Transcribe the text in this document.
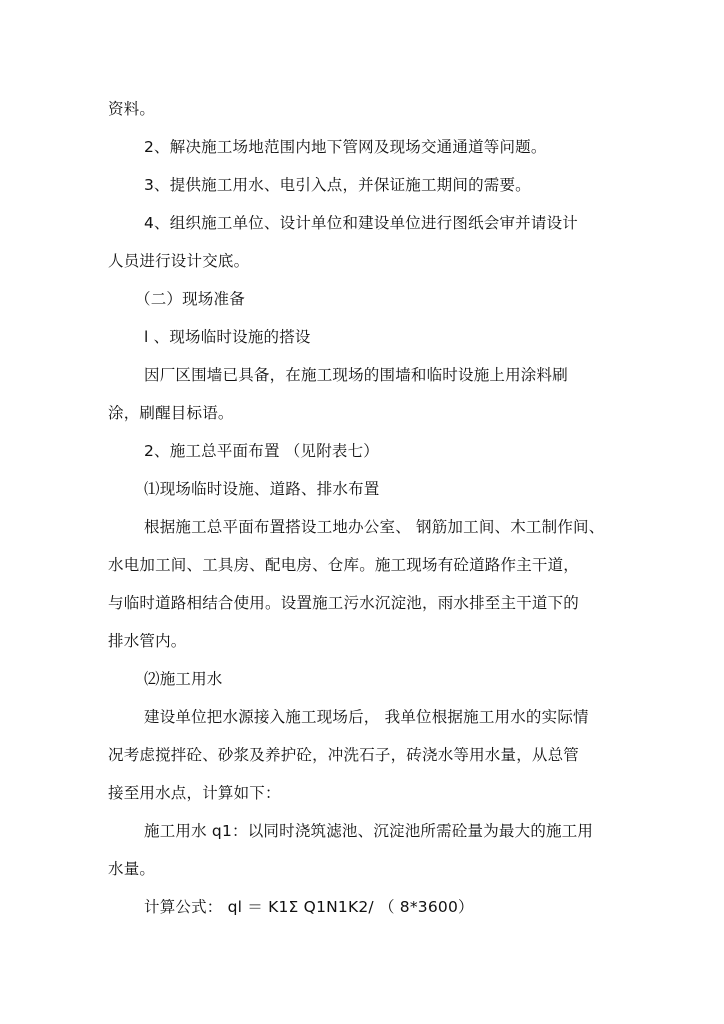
资料。
2、解决施工场地范围内地下管网及现场交通通道等问题。
3、提供施工用水、电引入点，并保证施工期间的需要。
4、组织施工单位、设计单位和建设单位进行图纸会审并请设计
人员进行设计交底。
（二）现场准备
l 、现场临时设施的搭设
因厂区围墙已具备，在施工现场的围墙和临时设施上用涂料刷
涂，刷醒目标语。
2、施工总平面布置 （见附表七）
⑴现场临时设施、道路、排水布置
根据施工总平面布置搭设工地办公室、 钢筋加工间、木工制作间、
水电加工间、工具房、配电房、仓库。施工现场有砼道路作主干道，
与临时道路相结合使用。设置施工污水沉淀池，雨水排至主干道下的
排水管内。
⑵施工用水
建设单位把水源接入施工现场后， 我单位根据施工用水的实际情
况考虑搅拌砼、砂浆及养护砼，冲洗石子，砖浇水等用水量，从总管
接至用水点，计算如下：
施工用水 q1：以同时浇筑滤池、沉淀池所需砼量为最大的施工用
水量。
计算公式： ql ＝ K1Σ Q1N1K2/ （ 8*3600）
